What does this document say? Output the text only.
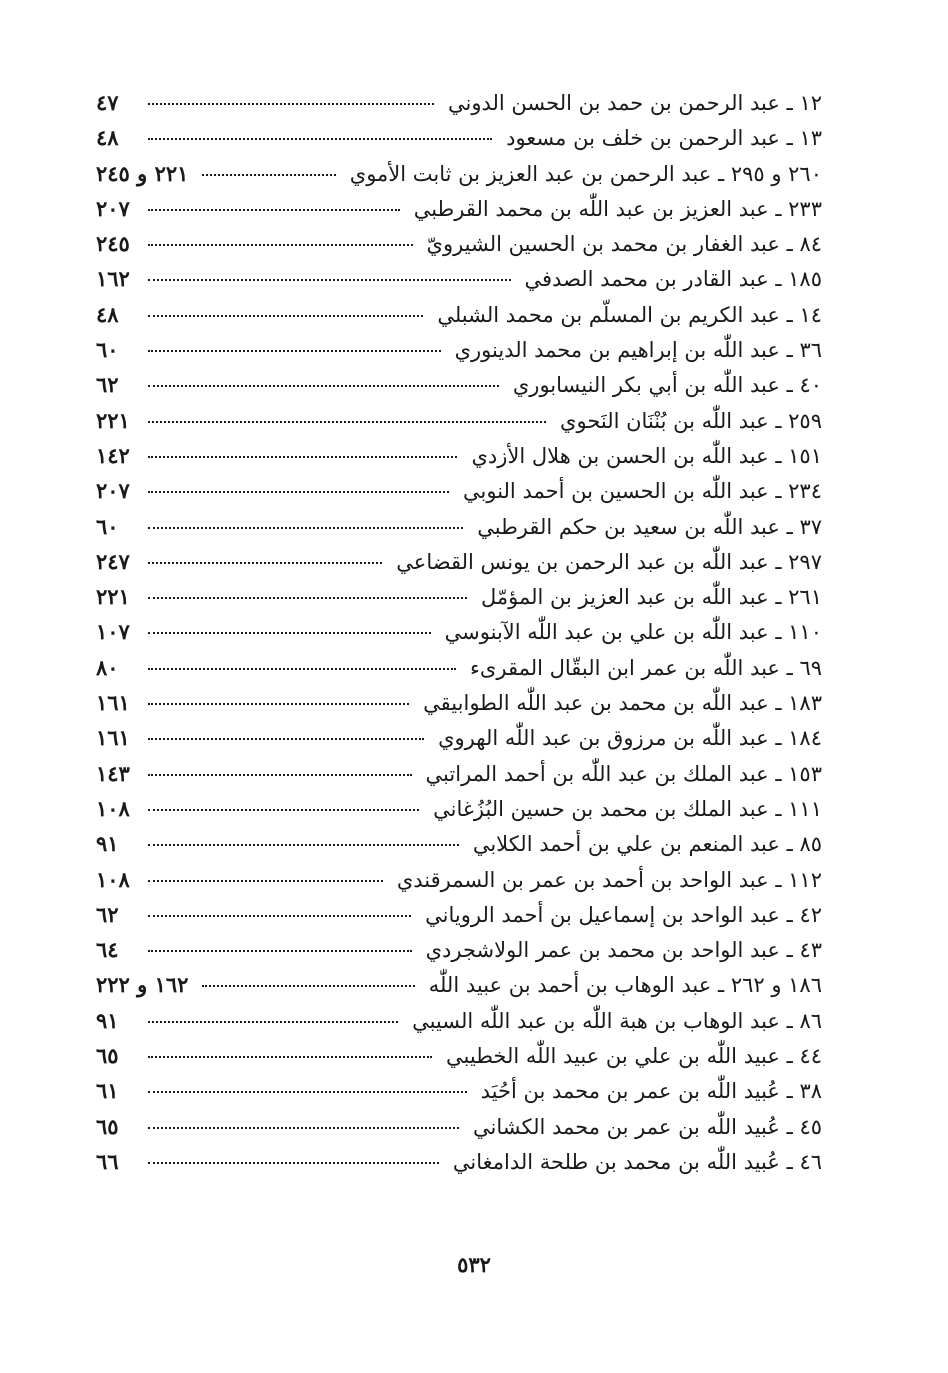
١٢ ـ عبد الرحمن بن حمد بن الحسن الدوني
٤٧
١٣ ـ عبد الرحمن بن خلف بن مسعود
٤٨
٢٦٠ و ٢٩٥ ـ عبد الرحمن بن عبد العزيز بن ثابت الأموي
٢٢١ و ٢٤٥
٢٣٣ ـ عبد العزيز بن عبد اللّٰه بن محمد القرطبي
٢٠٧
٨٤ ـ عبد الغفار بن محمد بن الحسين الشيرويّ
٢٤٥
١٨٥ ـ عبد القادر بن محمد الصدفي
١٦٢
١٤ ـ عبد الكريم بن المسلّم بن محمد الشبلي
٤٨
٣٦ ـ عبد اللّٰه بن إبراهيم بن محمد الدينوري
٦٠
٤٠ ـ عبد اللّٰه بن أبي بكر النيسابوري
٦٢
٢٥٩ ـ عبد اللّٰه بن بُنْنَان النَحوي
٢٢١
١٥١ ـ عبد اللّٰه بن الحسن بن هلال الأزدي
١٤٢
٢٣٤ ـ عبد اللّٰه بن الحسين بن أحمد النوبي
٢٠٧
٣٧ ـ عبد اللّٰه بن سعيد بن حكم القرطبي
٦٠
٢٩٧ ـ عبد اللّٰه بن عبد الرحمن بن يونس القضاعي
٢٤٧
٢٦١ ـ عبد اللّٰه بن عبد العزيز بن المؤمّل
٢٢١
١١٠ ـ عبد اللّٰه بن علي بن عبد اللّٰه الآبنوسي
١٠٧
٦٩ ـ عبد اللّٰه بن عمر ابن البقّال المقرىء
٨٠
١٨٣ ـ عبد اللّٰه بن محمد بن عبد اللّٰه الطوابيقي
١٦١
١٨٤ ـ عبد اللّٰه بن مرزوق بن عبد اللّٰه الهروي
١٦١
١٥٣ ـ عبد الملك بن عبد اللّٰه بن أحمد المراتبي
١٤٣
١١١ ـ عبد الملك بن محمد بن حسين البُزُغاني
١٠٨
٨٥ ـ عبد المنعم بن علي بن أحمد الكلابي
٩١
١١٢ ـ عبد الواحد بن أحمد بن عمر بن السمرقندي
١٠٨
٤٢ ـ عبد الواحد بن إسماعيل بن أحمد الروياني
٦٢
٤٣ ـ عبد الواحد بن محمد بن عمر الولاشجردي
٦٤
١٨٦ و ٢٦٢ ـ عبد الوهاب بن أحمد بن عبيد اللّٰه
١٦٢ و ٢٢٢
٨٦ ـ عبد الوهاب بن هبة اللّٰه بن عبد اللّٰه السيبي
٩١
٤٤ ـ عبيد اللّٰه بن علي بن عبيد اللّٰه الخطيبي
٦٥
٣٨ ـ عُبيد اللّٰه بن عمر بن محمد بن أحُيَد
٦١
٤٥ ـ عُبيد اللّٰه بن عمر بن محمد الكشاني
٦٥
٤٦ ـ عُبيد اللّٰه بن محمد بن طلحة الدامغاني
٦٦
٥٣٢
